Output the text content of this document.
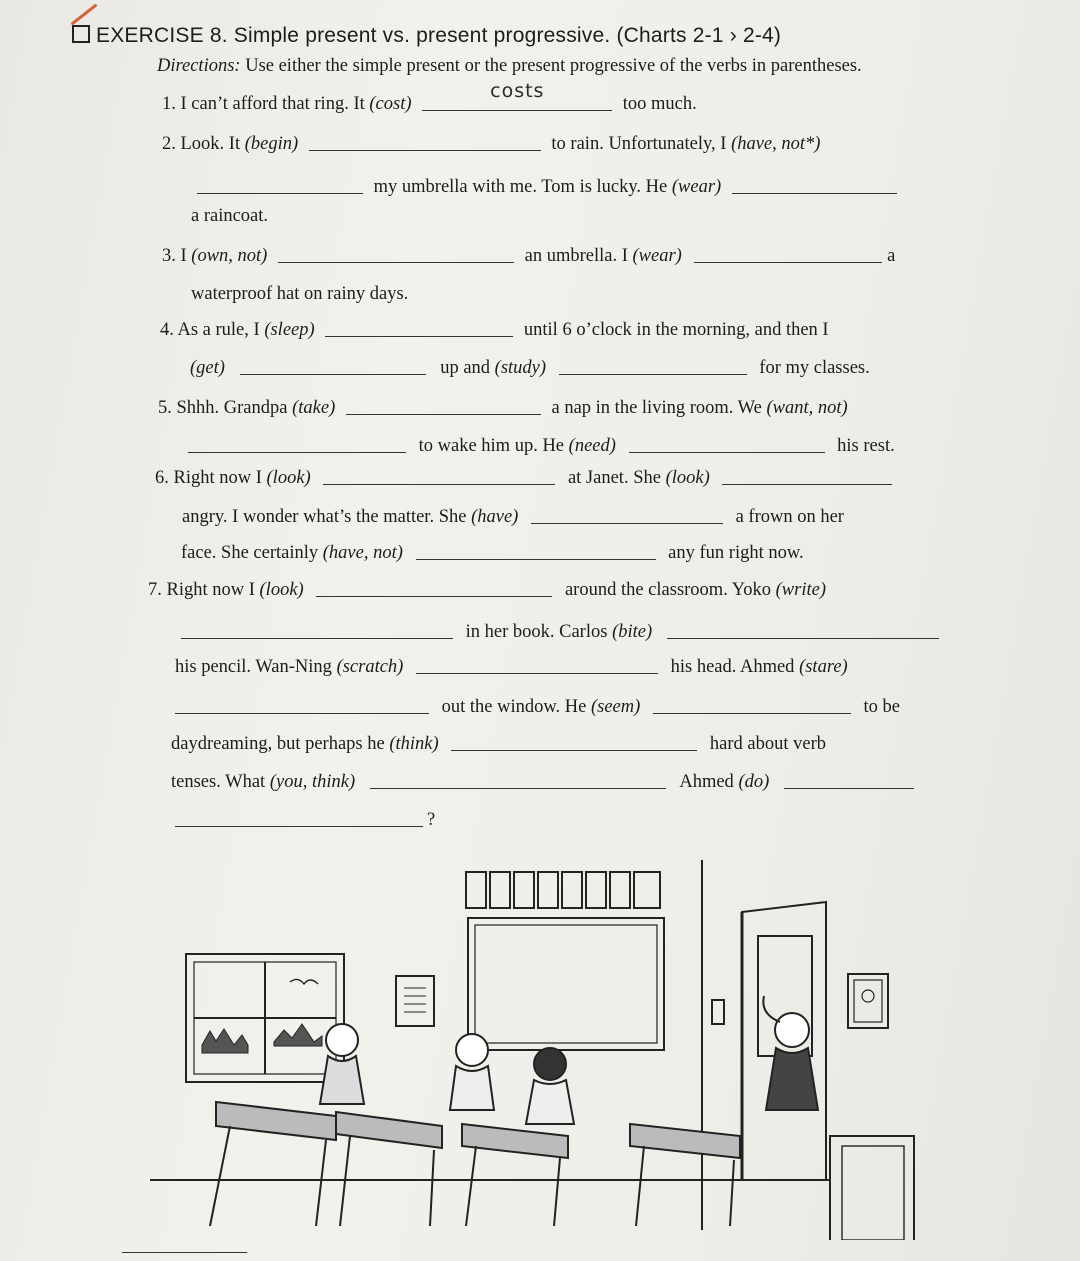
EXERCISE 8. Simple present vs. present progressive. (Charts 2-1 › 2-4)
Directions: Use either the simple present or the present progressive of the verbs in parentheses.
1. I can’t afford that ring. It (cost)
costs
too much.
2. Look. It (begin)	to rain. Unfortunately, I (have, not*)
my umbrella with me. Tom is lucky. He (wear)
a raincoat.
3. I (own, not)	an umbrella. I (wear)	a
waterproof hat on rainy days.
4. As a rule, I (sleep)	until 6 o’clock in the morning, and then I
(get)	up and (study)	for my classes.
5. Shhh. Grandpa (take)	a nap in the living room. We (want, not)
to wake him up. He (need)	his rest.
6. Right now I (look)	at Janet. She (look)
angry. I wonder what’s the matter. She (have)	a frown on her
face. She certainly (have, not)	any fun right now.
7. Right now I (look)	around the classroom. Yoko (write)
in her book. Carlos (bite)
his pencil. Wan-Ning (scratch)	his head. Ahmed (stare)
out the window. He (seem)	to be
daydreaming, but perhaps he (think)	hard about verb
tenses. What (you, think)	Ahmed (do)
?
